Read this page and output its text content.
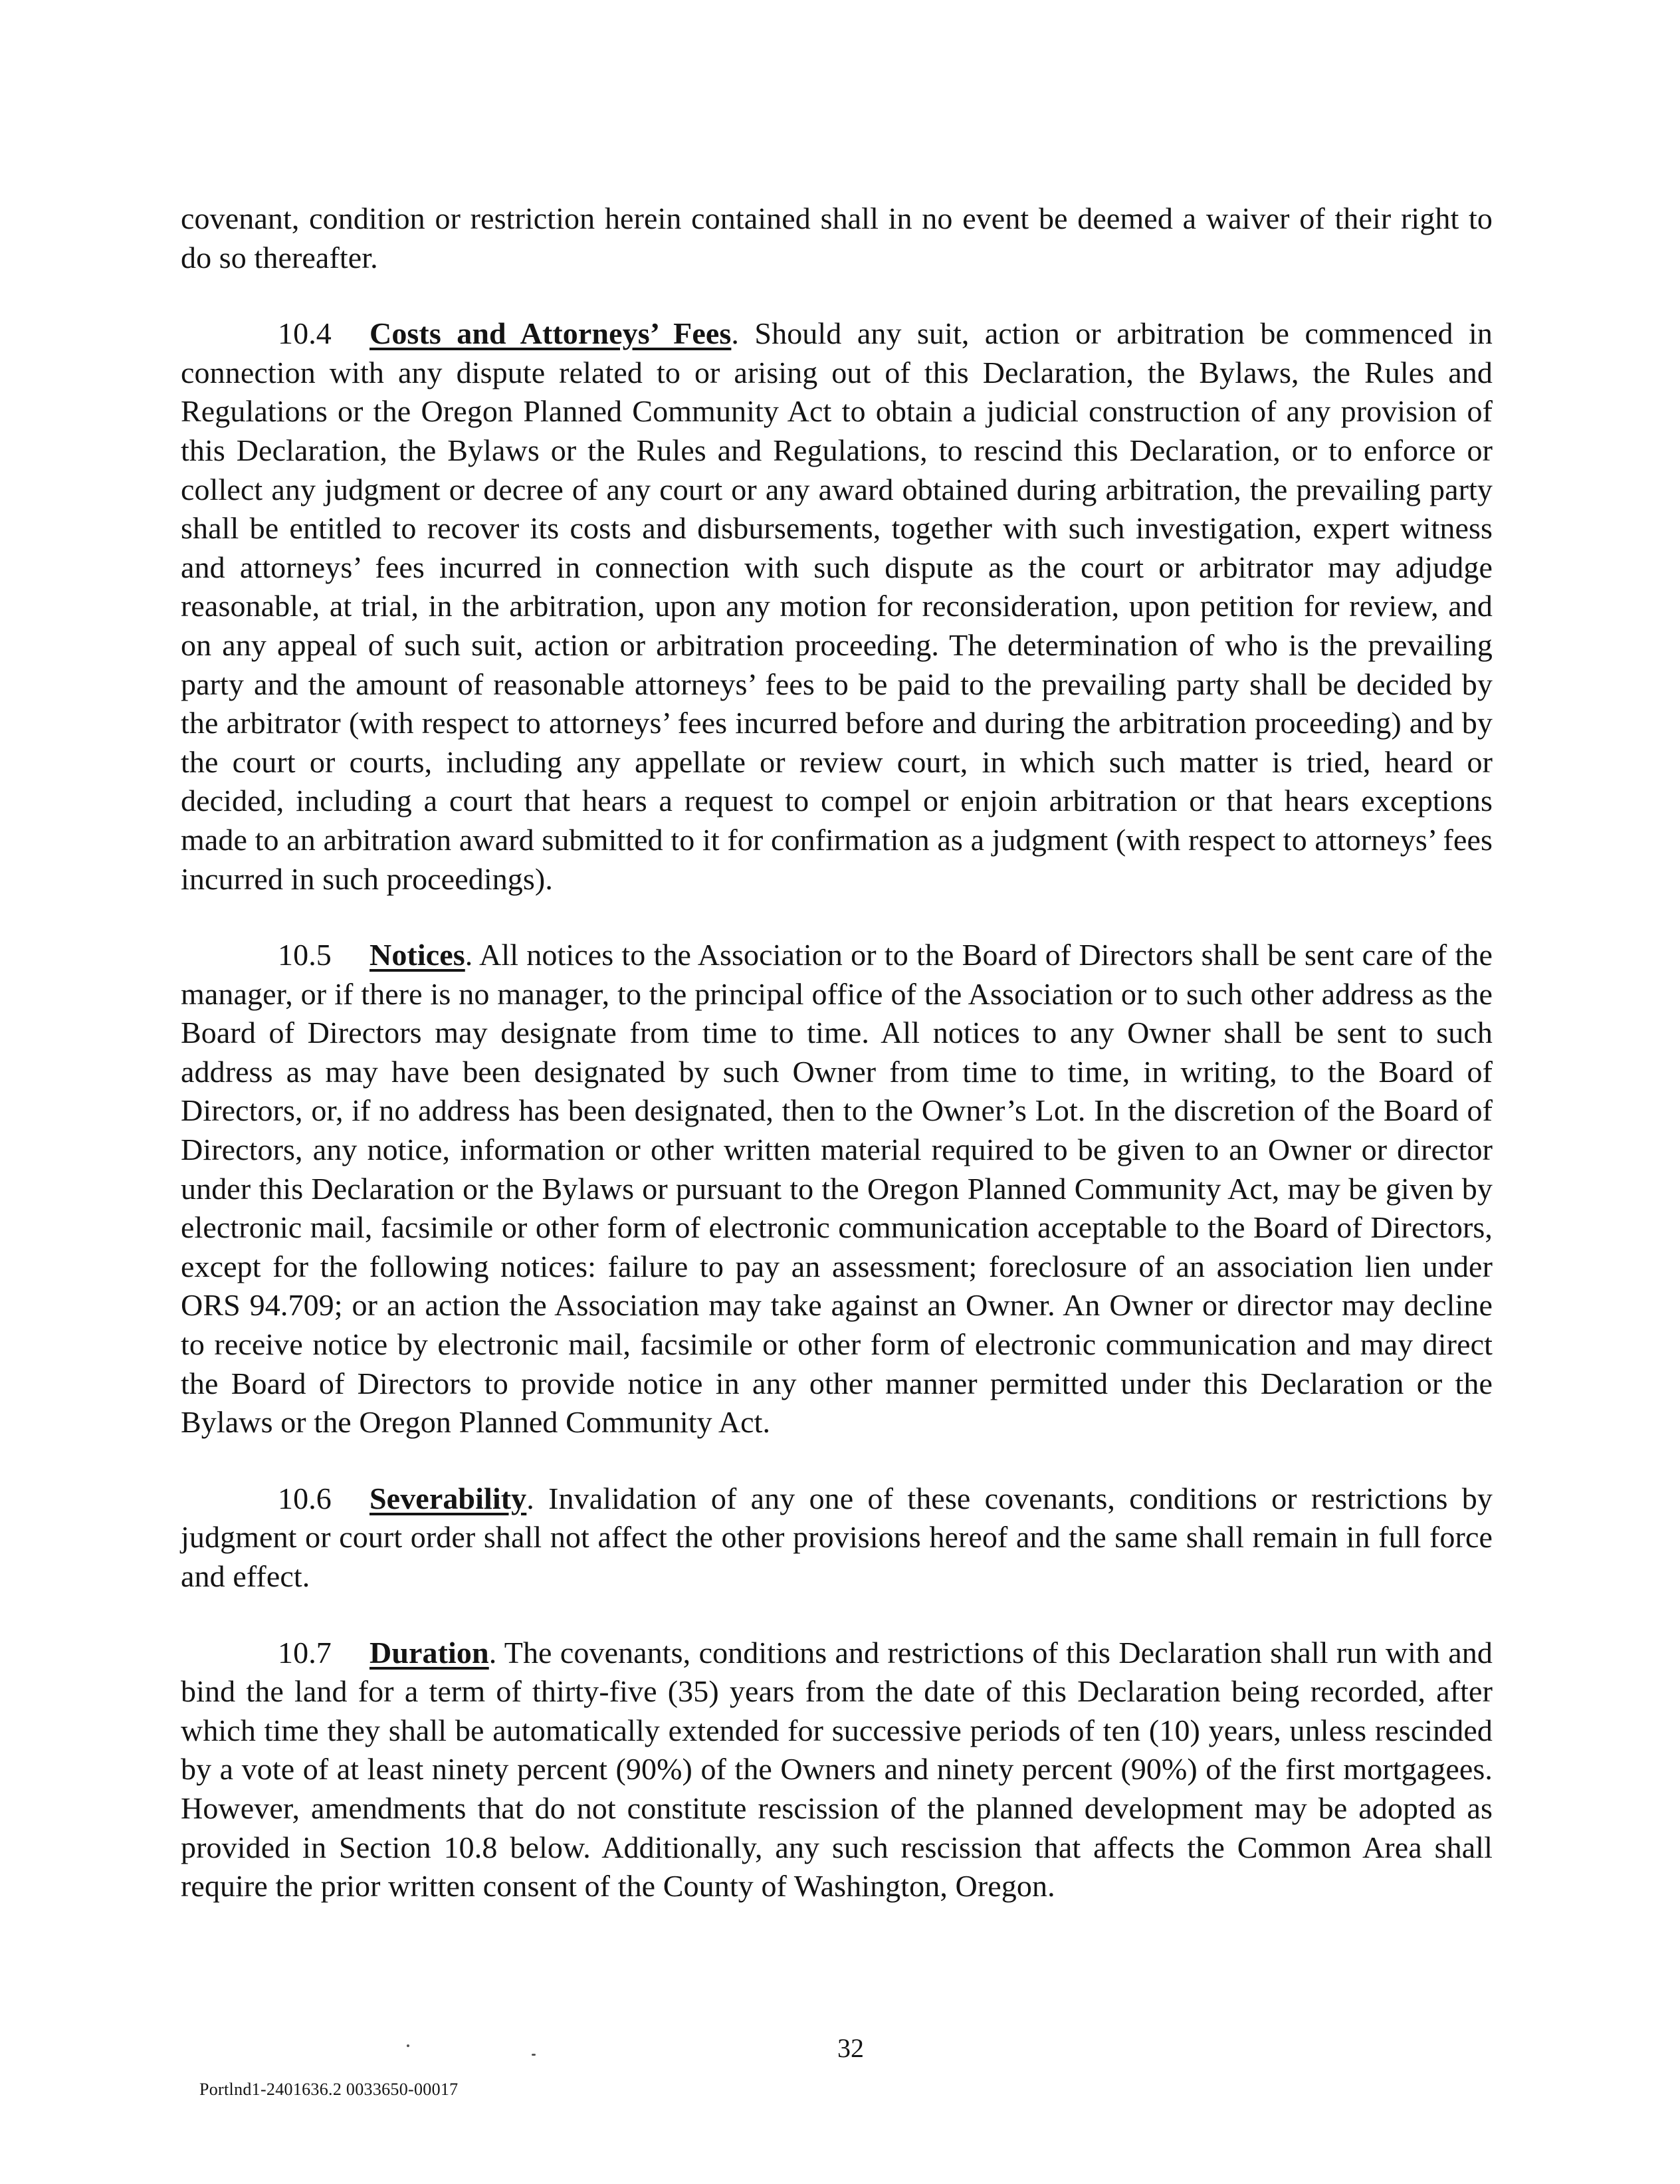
covenant, condition or restriction herein contained shall in no event be deemed a waiver of their right to do so thereafter.

10.4 Costs and Attorneys’ Fees. Should any suit, action or arbitration be commenced in connection with any dispute related to or arising out of this Declaration, the Bylaws, the Rules and Regulations or the Oregon Planned Community Act to obtain a judicial construction of any provision of this Declaration, the Bylaws or the Rules and Regulations, to rescind this Declaration, or to enforce or collect any judgment or decree of any court or any award obtained during arbitration, the prevailing party shall be entitled to recover its costs and disbursements, together with such investigation, expert witness and attorneys’ fees incurred in connection with such dispute as the court or arbitrator may adjudge reasonable, at trial, in the arbitration, upon any motion for reconsideration, upon petition for review, and on any appeal of such suit, action or arbitration proceeding. The determination of who is the prevailing party and the amount of reasonable attorneys’ fees to be paid to the prevailing party shall be decided by the arbitrator (with respect to attorneys’ fees incurred before and during the arbitration proceeding) and by the court or courts, including any appellate or review court, in which such matter is tried, heard or decided, including a court that hears a request to compel or enjoin arbitration or that hears exceptions made to an arbitration award submitted to it for confirmation as a judgment (with respect to attorneys’ fees incurred in such proceedings).

10.5 Notices. All notices to the Association or to the Board of Directors shall be sent care of the manager, or if there is no manager, to the principal office of the Association or to such other address as the Board of Directors may designate from time to time. All notices to any Owner shall be sent to such address as may have been designated by such Owner from time to time, in writing, to the Board of Directors, or, if no address has been designated, then to the Owner’s Lot. In the discretion of the Board of Directors, any notice, information or other written material required to be given to an Owner or director under this Declaration or the Bylaws or pursuant to the Oregon Planned Community Act, may be given by electronic mail, facsimile or other form of electronic communication acceptable to the Board of Directors, except for the following notices: failure to pay an assessment; foreclosure of an association lien under ORS 94.709; or an action the Association may take against an Owner. An Owner or director may decline to receive notice by electronic mail, facsimile or other form of electronic communication and may direct the Board of Directors to provide notice in any other manner permitted under this Declaration or the Bylaws or the Oregon Planned Community Act.

10.6 Severability. Invalidation of any one of these covenants, conditions or restrictions by judgment or court order shall not affect the other provisions hereof and the same shall remain in full force and effect.

10.7 Duration. The covenants, conditions and restrictions of this Declaration shall run with and bind the land for a term of thirty-five (35) years from the date of this Declaration being recorded, after which time they shall be automatically extended for successive periods of ten (10) years, unless rescinded by a vote of at least ninety percent (90%) of the Owners and ninety percent (90%) of the first mortgagees. However, amendments that do not constitute rescission of the planned development may be adopted as provided in Section 10.8 below. Additionally, any such rescission that affects the Common Area shall require the prior written consent of the County of Washington, Oregon.

32
Portlnd1-2401636.2 0033650-00017
